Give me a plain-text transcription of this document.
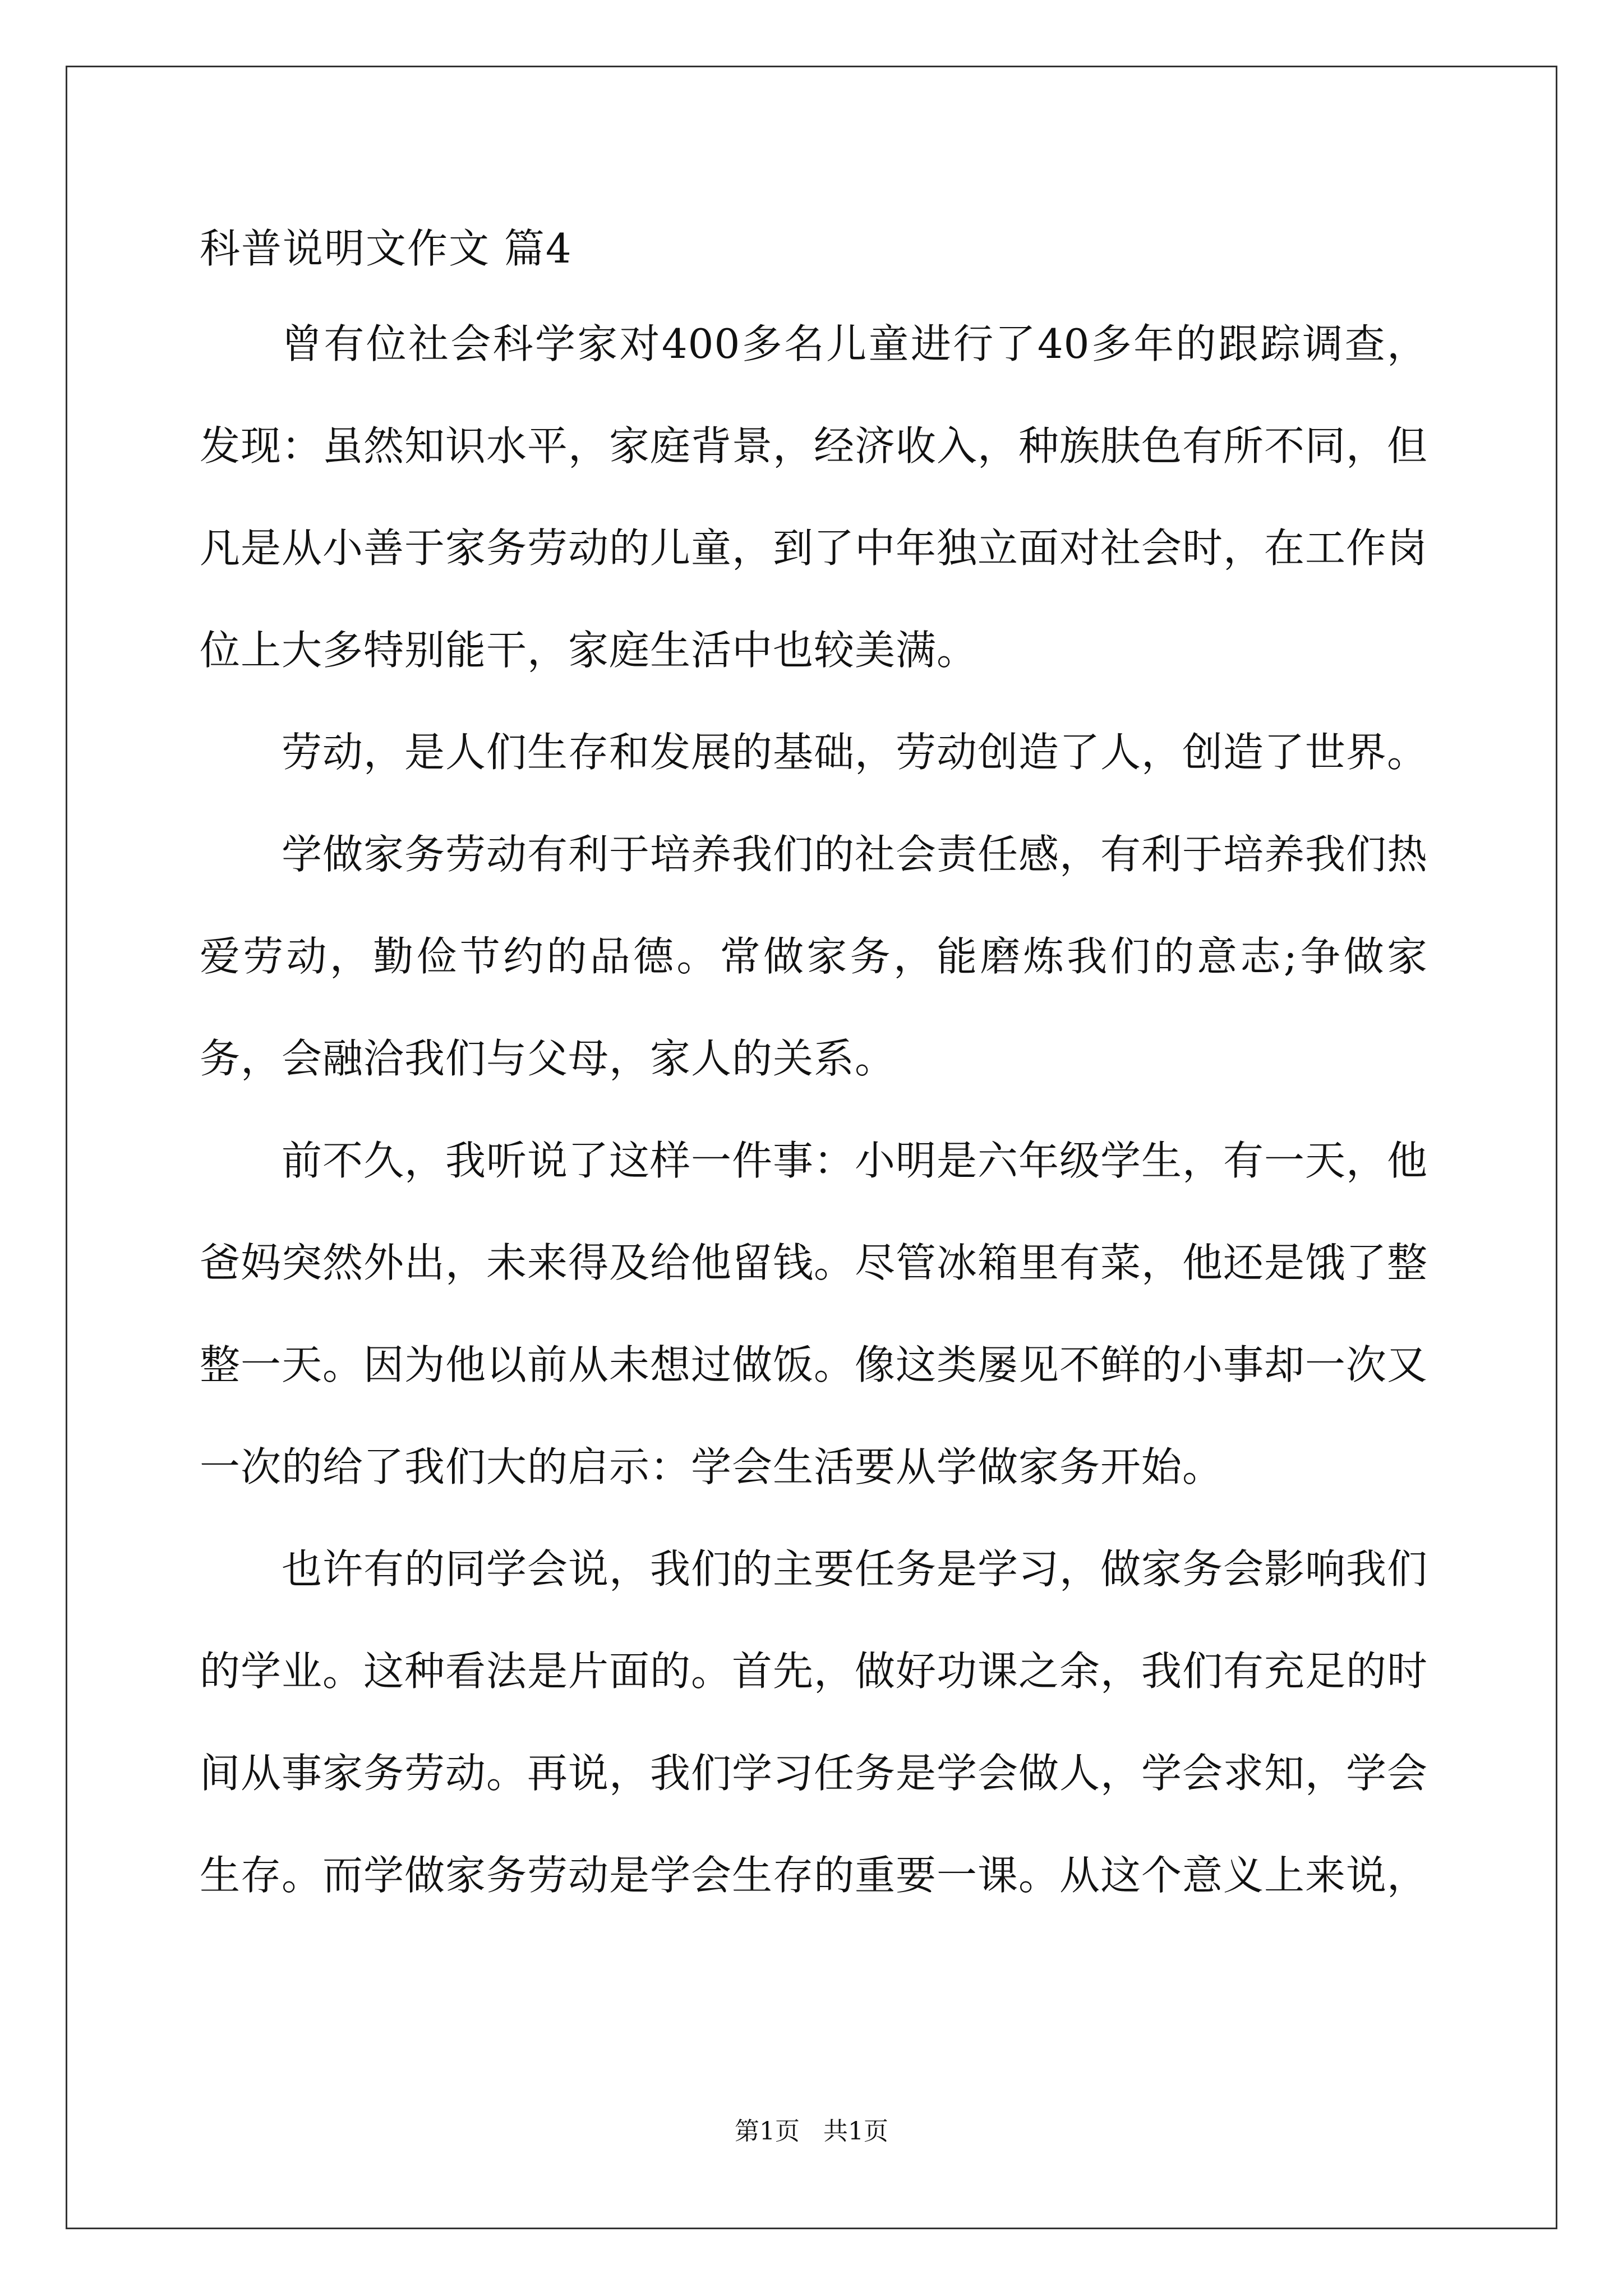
科普说明文作文 篇4

曾有位社会科学家对400多名儿童进行了40多年的跟踪调查，发现：虽然知识水平，家庭背景，经济收入，种族肤色有所不同，但凡是从小善于家务劳动的儿童，到了中年独立面对社会时，在工作岗位上大多特别能干，家庭生活中也较美满。

劳动，是人们生存和发展的基础，劳动创造了人，创造了世界。

学做家务劳动有利于培养我们的社会责任感，有利于培养我们热爱劳动，勤俭节约的品德。常做家务，能磨炼我们的意志;争做家务，会融洽我们与父母，家人的关系。

前不久，我听说了这样一件事：小明是六年级学生，有一天，他爸妈突然外出，未来得及给他留钱。尽管冰箱里有菜，他还是饿了整整一天。因为他以前从未想过做饭。像这类屡见不鲜的小事却一次又一次的给了我们大的启示：学会生活要从学做家务开始。

也许有的同学会说，我们的主要任务是学习，做家务会影响我们的学业。这种看法是片面的。首先，做好功课之余，我们有充足的时间从事家务劳动。再说，我们学习任务是学会做人，学会求知，学会生存。而学做家务劳动是学会生存的重要一课。从这个意义上来说，

第1页   共1页
